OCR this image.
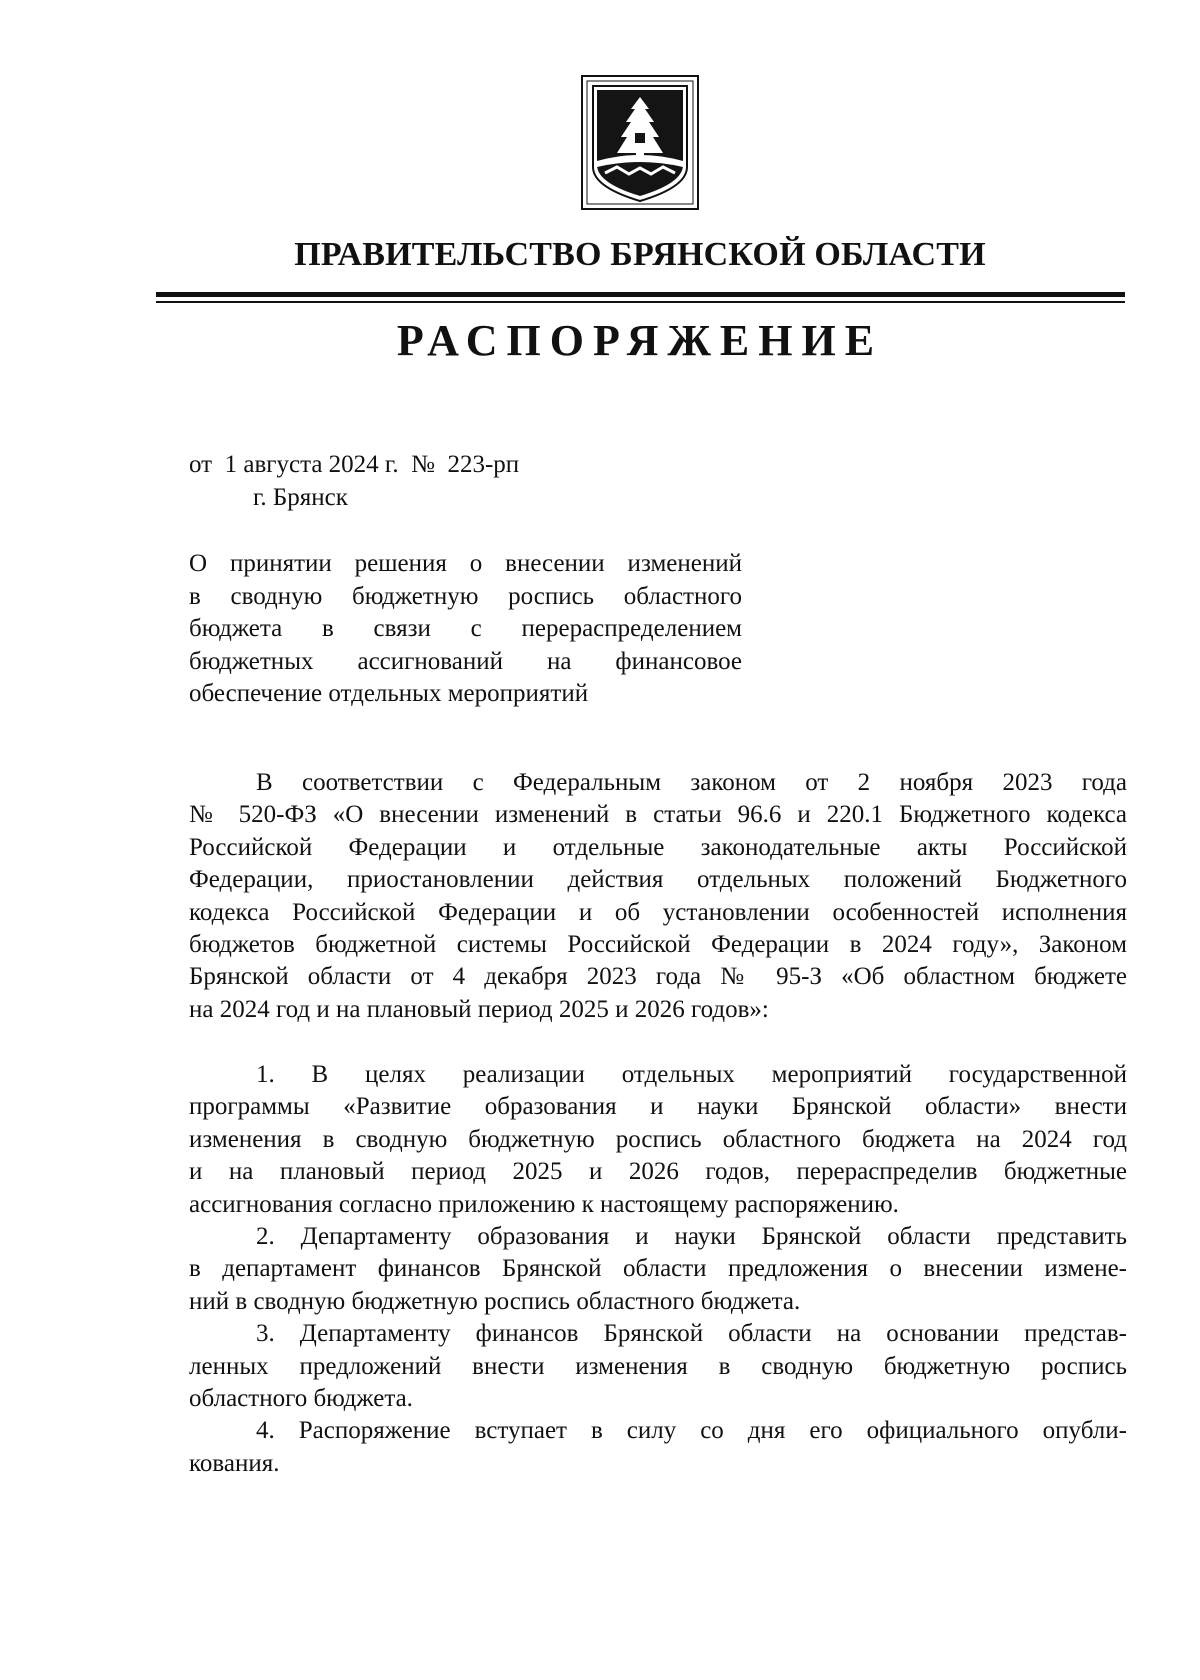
ПРАВИТЕЛЬСТВО БРЯНСКОЙ ОБЛАСТИ
РАСПОРЯЖЕНИЕ
от  1 августа 2024 г.  №  223-рп
г. Брянск
О принятии решения о внесении изменений
в сводную бюджетную роспись областного
бюджета в связи с перераспределением
бюджетных ассигнований на финансовое
обеспечение отдельных мероприятий
В соответствии с Федеральным законом от 2 ноября 2023 года
№ 520-ФЗ «О внесении изменений в статьи 96.6 и 220.1 Бюджетного кодекса
Российской Федерации и отдельные законодательные акты Российской
Федерации, приостановлении действия отдельных положений Бюджетного
кодекса Российской Федерации и об установлении особенностей исполнения
бюджетов бюджетной системы Российской Федерации в 2024 году», Законом
Брянской области от 4 декабря 2023 года № 95-З «Об областном бюджете
на 2024 год и на плановый период 2025 и 2026 годов»:
1. В целях реализации отдельных мероприятий государственной
программы «Развитие образования и науки Брянской области» внести
изменения в сводную бюджетную роспись областного бюджета на 2024 год
и на плановый период 2025 и 2026 годов, перераспределив бюджетные
ассигнования согласно приложению к настоящему распоряжению.
2. Департаменту образования и науки Брянской области представить
в департамент финансов Брянской области предложения о внесении измене-
ний в сводную бюджетную роспись областного бюджета.
3. Департаменту финансов Брянской области на основании представ-
ленных предложений внести изменения в сводную бюджетную роспись
областного бюджета.
4. Распоряжение вступает в силу со дня его официального опубли-
кования.
